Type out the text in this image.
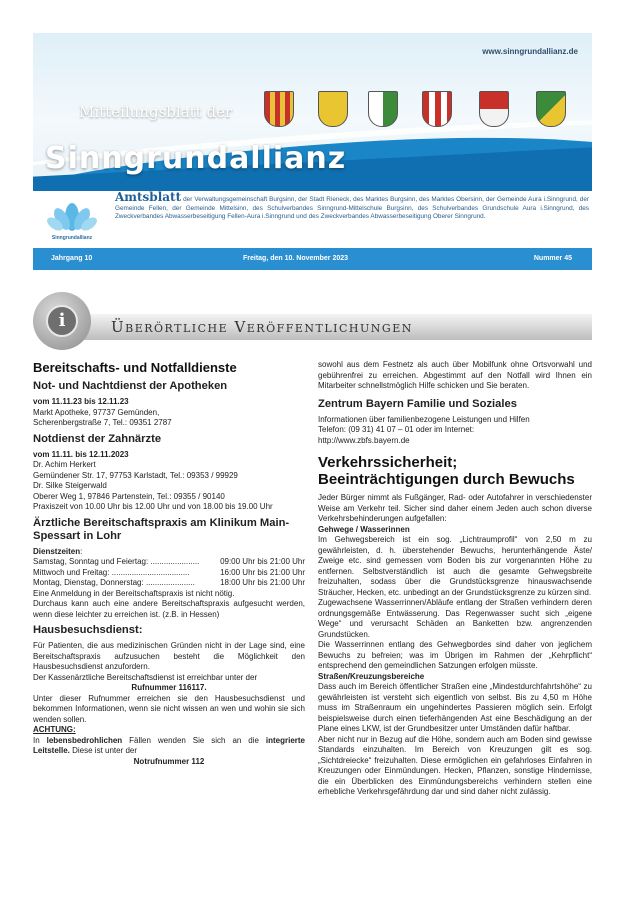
www.sinngrundallianz.de
Mitteilungsblatt der
Sinngrundallianz
Sinngrundallianz
Amtsblatt der Verwaltungsgemeinschaft Burgsinn, der Stadt Rieneck, des Marktes Burgsinn, des Marktes Obersinn, der Gemeinde Aura i.Sinngrund, der Gemeinde Fellen, der Gemeinde Mittelsinn, des Schulverbandes Sinngrund-Mittelschule Burgsinn, des Schulverbandes Grundschule Aura i.Sinngrund, des Zweckverbandes Abwasserbeseitigung Fellen-Aura i.Sinngrund und des Zweckverbandes Abwasserbeseitigung Oberer Sinngrund.
Jahrgang 10	Freitag, den 10. November 2023	Nummer 45
i	Überörtliche Veröffentlichungen
Bereitschafts- und Notfalldienste
Not- und Nachtdienst der Apotheken

vom 11.11.23 bis 12.11.23

Markt Apotheke, 97737 Gemünden,

Scherenbergstraße 7, Tel.: 09351 2787

Notdienst der Zahnärzte

vom 11.11. bis 12.11.2023

Dr. Achim Herkert

Gemündener Str. 17, 97753 Karlstadt, Tel.: 09353 / 99929

Dr. Silke Steigerwald

Oberer Weg 1, 97846 Partenstein, Tel.: 09355 / 90140

Praxiszeit von 10.00 Uhr bis 12.00 Uhr und von 18.00 bis 19.00 Uhr

Ärztliche Bereitschaftspraxis am Klinikum Main-Spessart in Lohr

Dienstzeiten:

Samstag, Sonntag und Feiertag: ......................	09:00 Uhr bis 21:00 Uhr
Mittwoch und Freitag: ...................................	16:00 Uhr bis 21:00 Uhr
Montag, Dienstag, Donnerstag: ......................	18:00 Uhr bis 21:00 Uhr

Eine Anmeldung in der Bereitschaftspraxis ist nicht nötig.

Durchaus kann auch eine andere Bereitschaftspraxis aufgesucht werden, wenn diese leichter zu erreichen ist. (z.B. in Hessen)

Hausbesuchsdienst:

Für Patienten, die aus medizinischen Gründen nicht in der Lage sind, eine Bereitschaftspraxis aufzusuchen besteht die Möglichkeit den Hausbesuchsdienst anzufordern.

Der Kassenärztliche Bereitschaftsdienst ist erreichbar unter der

Rufnummer 116117.

Unter dieser Rufnummer erreichen sie den Hausbesuchsdienst und bekommen Informationen, wenn sie nicht wissen an wen und wohin sie sich wenden sollen.

ACHTUNG:

In lebensbedrohlichen Fällen wenden Sie sich an die integrierte Leitstelle. Diese ist unter der

Notrufnummer 112

sowohl aus dem Festnetz als auch über Mobilfunk ohne Ortsvorwahl und gebührenfrei zu erreichen. Abgestimmt auf den Notfall wird Ihnen ein Mitarbeiter schnellstmöglich Hilfe schicken und Sie beraten.

Zentrum Bayern Familie und Soziales

Informationen über familienbezogene Leistungen und Hilfen

Telefon: (09 31) 41 07 – 01 oder im Internet:

http://www.zbfs.bayern.de

Verkehrssicherheit; Beeinträchtigungen durch Bewuchs

Jeder Bürger nimmt als Fußgänger, Rad- oder Autofahrer in verschiedenster Weise am Verkehr teil. Sicher sind daher einem Jeden auch schon diverse Verkehrsbehinderungen aufgefallen:

Gehwege / Wasserinnen

Im Gehwegsbereich ist ein sog. „Lichtraumprofil“ von 2,50 m zu gewährleisten, d. h. überstehender Bewuchs, herunterhängende Äste/ Zweige etc. sind gemessen vom Boden bis zur vorgenannten Höhe zu entfernen. Selbstverständlich ist auch die gesamte Gehwegsbreite freizuhalten, sodass über die Grundstücksgrenze hinauswachsende Sträucher, Hecken, etc. unbedingt an der Grundstücksgrenze zu kürzen sind.

Zugewachsene Wasserrinnen/Abläufe entlang der Straßen verhindern deren ordnungsgemäße Entwässerung. Das Regenwasser sucht sich „eigene Wege“ und verursacht Schäden an Banketten bzw. angrenzenden Grundstücken.

Die Wasserrinnen entlang des Gehwegbordes sind daher von jeglichem Bewuchs zu befreien; was im Übrigen im Rahmen der „Kehrpflicht“ entsprechend den gemeindlichen Satzungen erfolgen müsste.

Straßen/Kreuzungsbereiche

Dass auch im Bereich öffentlicher Straßen eine „Mindestdurchfahrtshöhe“ zu gewährleisten ist versteht sich eigentlich von selbst. Bis zu 4,50 m Höhe muss im Straßenraum ein ungehindertes Passieren möglich sein. Erfolgt beispielsweise durch einen tieferhängenden Ast eine Beschädigung an der Plane eines LKW, ist der Grundbesitzer unter Umständen dafür haftbar.

Aber nicht nur in Bezug auf die Höhe, sondern auch am Boden sind gewisse Standards einzuhalten. Im Bereich von Kreuzungen gilt es sog. „Sichtdreiecke“ freizuhalten. Diese ermöglichen ein gefahrloses Einfahren in Kreuzungen oder Einmündungen. Hecken, Pflanzen, sonstige Hindernisse, die ein Überblicken des Einmündungsbereichs verhindern stellen eine erhebliche Verkehrsgefährdung dar und sind daher nicht zulässig.
